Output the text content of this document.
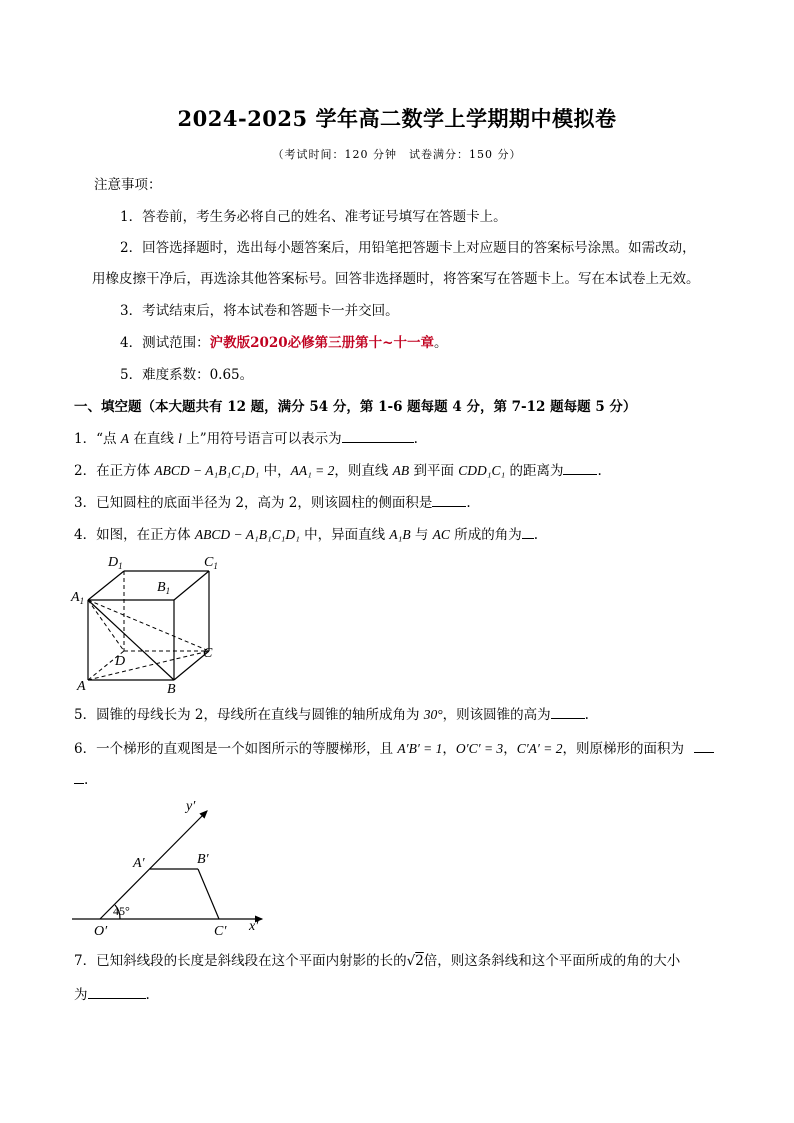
2024-2025 学年高二数学上学期期中模拟卷
（考试时间：120 分钟　试卷满分：150 分）
注意事项：
1．答卷前，考生务必将自己的姓名、准考证号填写在答题卡上。
2．回答选择题时，选出每小题答案后，用铅笔把答题卡上对应题目的答案标号涂黑。如需改动，
用橡皮擦干净后，再选涂其他答案标号。回答非选择题时，将答案写在答题卡上。写在本试卷上无效。
3．考试结束后，将本试卷和答题卡一并交回。
4．测试范围：沪教版2020必修第三册第十~十一章。
5．难度系数：0.65。
一、填空题（本大题共有 12 题，满分 54 分，第 1-6 题每题 4 分，第 7-12 题每题 5 分）
1．“点 A 在直线 l 上”用符号语言可以表示为	.
2．在正方体 ABCD − A₁B₁C₁D₁ 中，AA₁ = 2，则直线 AB 到平面 CDD₁C₁ 的距离为	.
3．已知圆柱的底面半径为 2，高为 2，则该圆柱的侧面积是	.
4．如图，在正方体 ABCD − A₁B₁C₁D₁ 中，异面直线 A₁B 与 AC 所成的角为 .
$D_1$	$C_1$
$B_1$
$A_1$
D
C
A	B
5．圆锥的母线长为 2，母线所在直线与圆锥的轴所成角为 30°，则该圆锥的高为	.
6．一个梯形的直观图是一个如图所示的等腰梯形，且 A′B′ = 1，O′C′ = 3，C′A′ = 2，则原梯形的面积为
.
y′
x′
O′
A′	B′
C′
45°
7．已知斜线段的长度是斜线段在这个平面内射影的长的√2倍，则这条斜线和这个平面所成的角的大小
为	.
